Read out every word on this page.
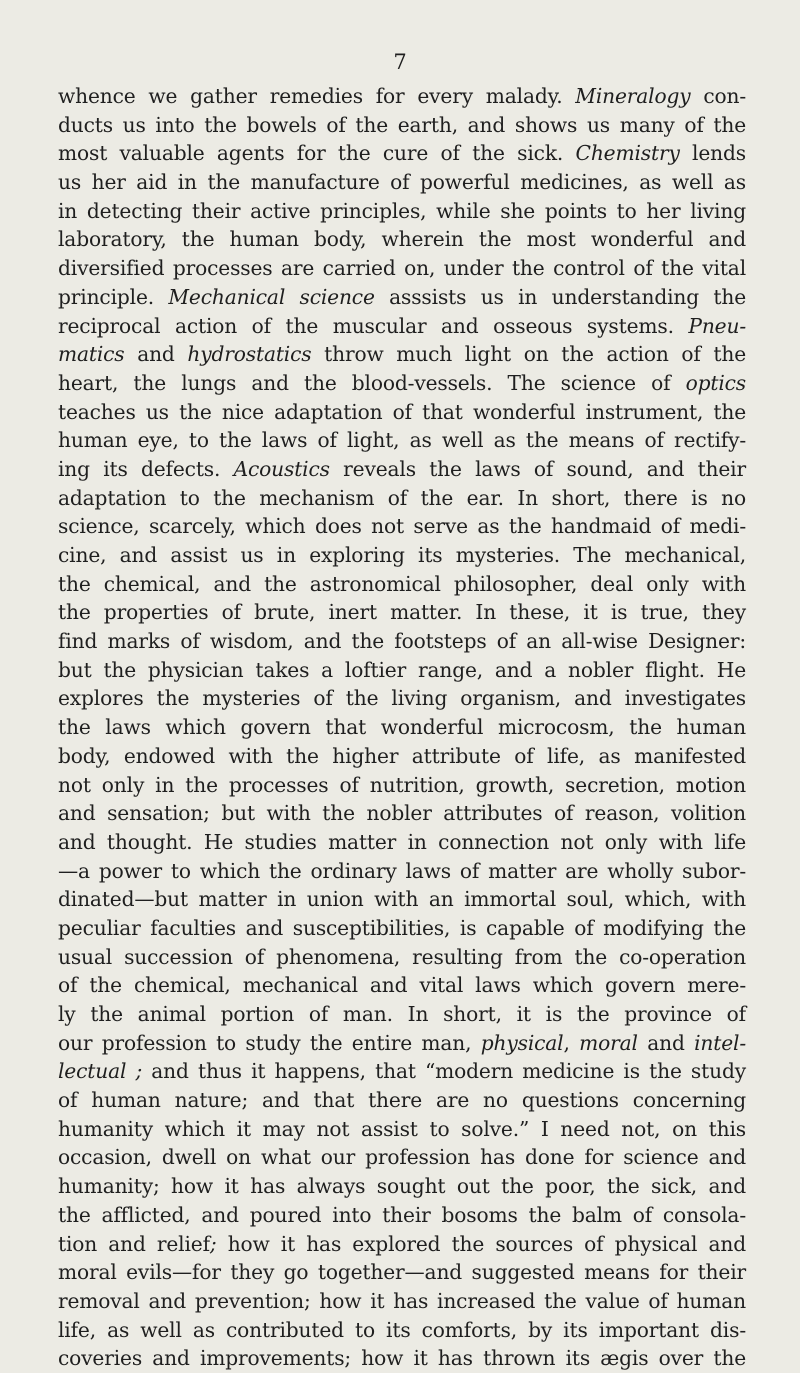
7
whence we gather remedies for every malady. Mineralogy con-
ducts us into the bowels of the earth, and shows us many of the
most valuable agents for the cure of the sick. Chemistry lends
us her aid in the manufacture of powerful medicines, as well as
in detecting their active principles, while she points to her living
laboratory, the human body, wherein the most wonderful and
diversified processes are carried on, under the control of the vital
principle. Mechanical science asssists us in understanding the
reciprocal action of the muscular and osseous systems. Pneu-
matics and hydrostatics throw much light on the action of the
heart, the lungs and the blood-vessels. The science of optics
teaches us the nice adaptation of that wonderful instrument, the
human eye, to the laws of light, as well as the means of rectify-
ing its defects. Acoustics reveals the laws of sound, and their
adaptation to the mechanism of the ear. In short, there is no
science, scarcely, which does not serve as the handmaid of medi-
cine, and assist us in exploring its mysteries. The mechanical,
the chemical, and the astronomical philosopher, deal only with
the properties of brute, inert matter. In these, it is true, they
find marks of wisdom, and the footsteps of an all-wise Designer:
but the physician takes a loftier range, and a nobler flight. He
explores the mysteries of the living organism, and investigates
the laws which govern that wonderful microcosm, the human
body, endowed with the higher attribute of life, as manifested
not only in the processes of nutrition, growth, secretion, motion
and sensation; but with the nobler attributes of reason, volition
and thought. He studies matter in connection not only with life
—a power to which the ordinary laws of matter are wholly subor-
dinated—but matter in union with an immortal soul, which, with
peculiar faculties and susceptibilities, is capable of modifying the
usual succession of phenomena, resulting from the co-operation
of the chemical, mechanical and vital laws which govern mere-
ly the animal portion of man. In short, it is the province of
our profession to study the entire man, physical, moral and intel-
lectual ; and thus it happens, that “modern medicine is the study
of human nature; and that there are no questions concerning
humanity which it may not assist to solve.” I need not, on this
occasion, dwell on what our profession has done for science and
humanity; how it has always sought out the poor, the sick, and
the afflicted, and poured into their bosoms the balm of consola-
tion and relief; how it has explored the sources of physical and
moral evils—for they go together—and suggested means for their
removal and prevention; how it has increased the value of human
life, as well as contributed to its comforts, by its important dis-
coveries and improvements; how it has thrown its ægis over the
